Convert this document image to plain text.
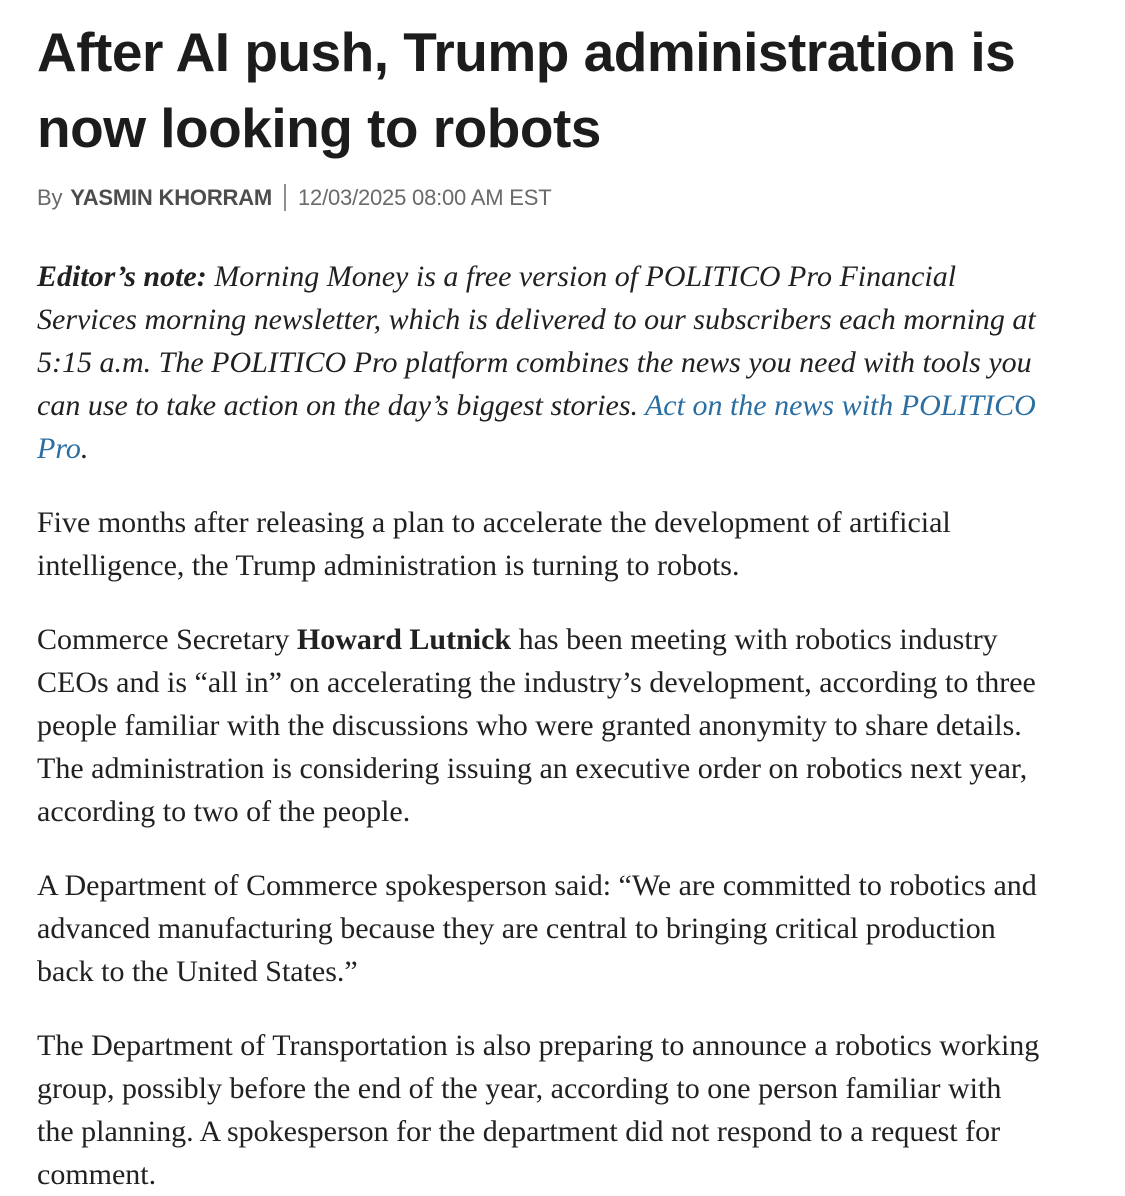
After AI push, Trump administration is
now looking to robots
By YASMIN KHORRAM 12/03/2025 08:00 AM EST

Editor’s note: Morning Money is a free version of POLITICO Pro Financial Services morning newsletter, which is delivered to our subscribers each morning at 5:15 a.m. The POLITICO Pro platform combines the news you need with tools you can use to take action on the day’s biggest stories. Act on the news with POLITICO Pro.

Five months after releasing a plan to accelerate the development of artificial intelligence, the Trump administration is turning to robots.

Commerce Secretary Howard Lutnick has been meeting with robotics industry CEOs and is “all in” on accelerating the industry’s development, according to three people familiar with the discussions who were granted anonymity to share details. The administration is considering issuing an executive order on robotics next year, according to two of the people.

A Department of Commerce spokesperson said: “We are committed to robotics and advanced manufacturing because they are central to bringing critical production back to the United States.”

The Department of Transportation is also preparing to announce a robotics working group, possibly before the end of the year, according to one person familiar with the planning. A spokesperson for the department did not respond to a request for comment.
